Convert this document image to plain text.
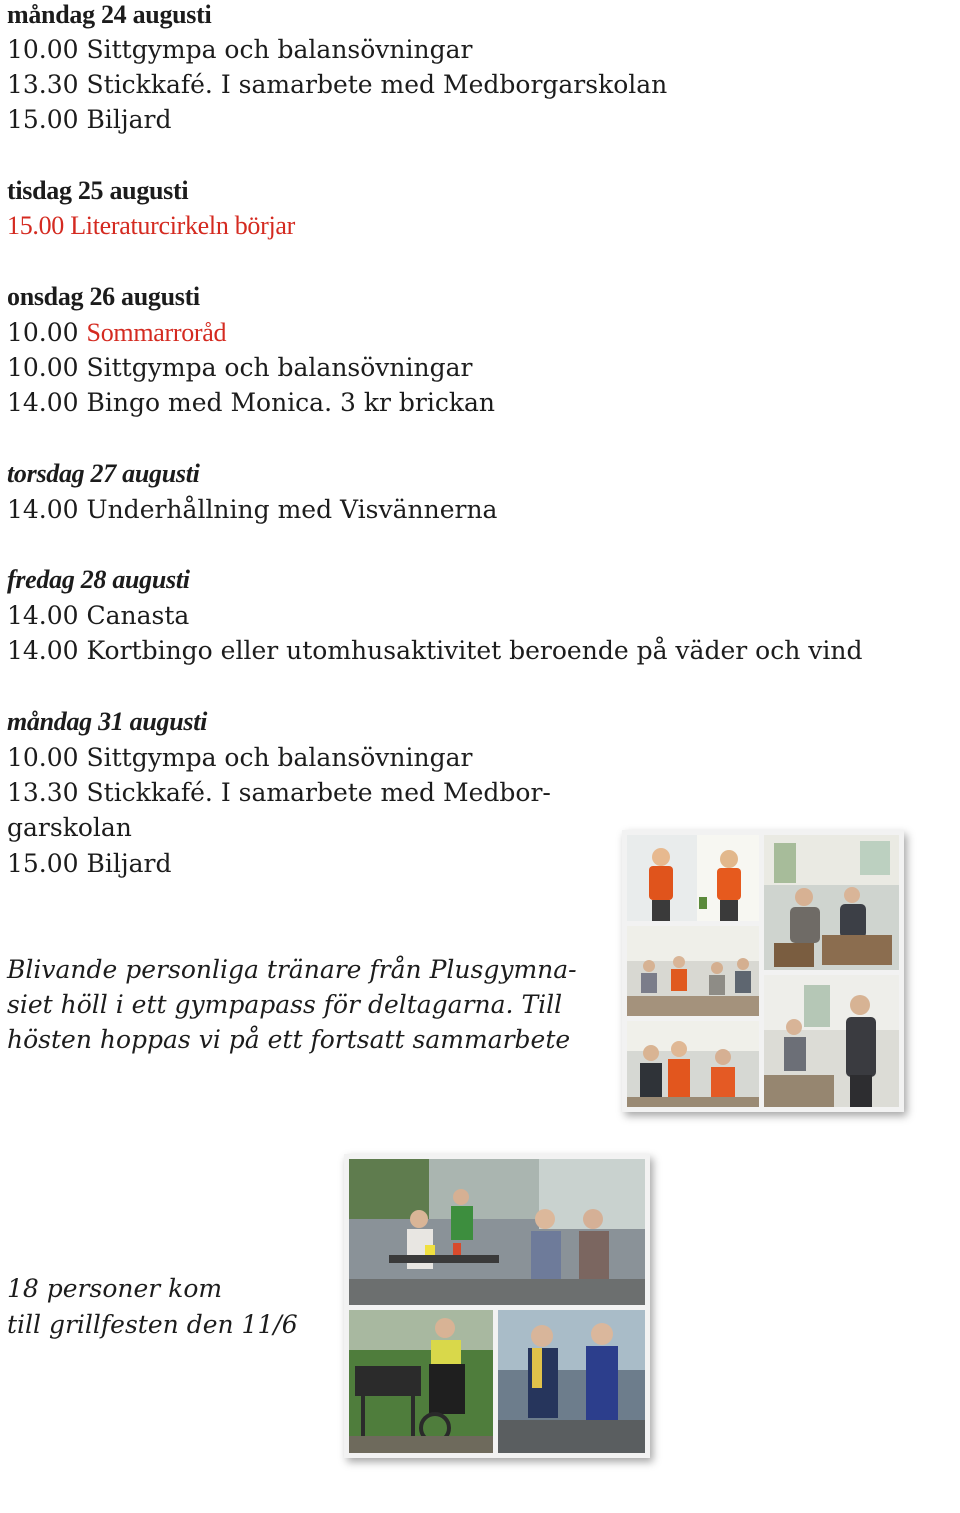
måndag 24 augusti
10.00 Sittgympa och balansövningar
13.30 Stickkafé. I samarbete med Medborgarskolan
15.00 Biljard
tisdag 25 augusti
15.00 Literaturcirkeln börjar
onsdag 26 augusti
10.00 Sommarroråd
10.00 Sittgympa och balansövningar
14.00 Bingo med Monica. 3 kr brickan
torsdag 27 augusti
14.00 Underhållning med Visvännerna
fredag 28 augusti
14.00 Canasta
14.00 Kortbingo eller utomhusaktivitet beroende på väder och vind
måndag 31 augusti
10.00 Sittgympa och balansövningar
13.30 Stickkafé. I samarbete med Medbor-
garskolan
15.00 Biljard
Blivande personliga tränare från Plusgymna-
siet höll i ett gympapass för deltagarna. Till
hösten hoppas vi på ett fortsatt sammarbete
18 personer kom
till grillfesten den 11/6
